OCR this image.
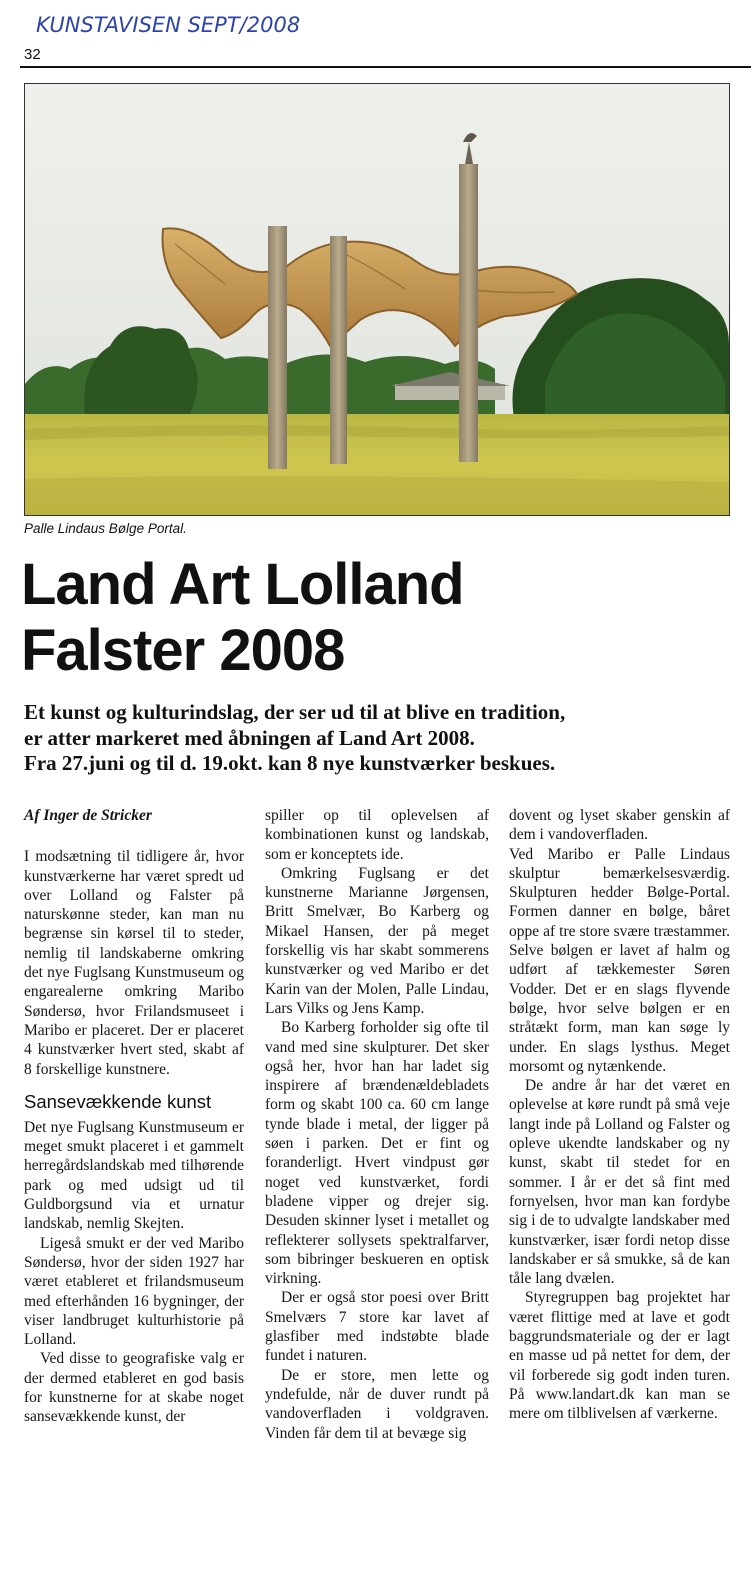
KUNSTAVISEN SEPT/2008
32
Palle Lindaus Bølge Portal.
Land Art Lolland
Falster 2008
Et kunst og kulturindslag, der ser ud til at blive en tradition,
er atter markeret med åbningen af Land Art 2008.
Fra 27.juni og til d. 19.okt. kan 8 nye kunstværker beskues.

Af Inger de Stricker

I modsætning til tidligere år, hvor kunstværkerne har været spredt ud over Lolland og Falster på naturskønne steder, kan man nu begrænse sin kørsel til to steder, nemlig til landskaberne omkring det nye Fuglsang Kunstmuseum og engarealerne omkring Maribo Søndersø, hvor Frilandsmuseet i Maribo er placeret. Der er placeret 4 kunstværker hvert sted, skabt af 8 forskellige kunstnere.

Sansevækkende kunst

Det nye Fuglsang Kunstmuseum er meget smukt placeret i et gammelt herregårdslandskab med tilhørende park og med udsigt ud til Guldborgsund via et urnatur landskab, nemlig Skejten.

Ligeså smukt er der ved Maribo Søndersø, hvor der siden 1927 har været etableret et frilandsmuseum med efterhånden 16 bygninger, der viser landbruget kulturhistorie på Lolland.

Ved disse to geografiske valg er der dermed etableret en god basis for kunstnerne for at skabe noget sansevækkende kunst, der

spiller op til oplevelsen af kombinationen kunst og landskab, som er konceptets ide.

Omkring Fuglsang er det kunstnerne Marianne Jørgensen, Britt Smelvær, Bo Karberg og Mikael Hansen, der på meget forskellig vis har skabt sommerens kunstværker og ved Maribo er det Karin van der Molen, Palle Lindau, Lars Vilks og Jens Kamp.

Bo Karberg forholder sig ofte til vand med sine skulpturer. Det sker også her, hvor han har ladet sig inspirere af brændenældebladets form og skabt 100 ca. 60 cm lange tynde blade i metal, der ligger på søen i parken. Det er fint og foranderligt. Hvert vindpust gør noget ved kunstværket, fordi bladene vipper og drejer sig. Desuden skinner lyset i metallet og reflekterer sollysets spektralfarver, som bibringer beskueren en optisk virkning.

Der er også stor poesi over Britt Smelværs 7 store kar lavet af glasfiber med indstøbte blade fundet i naturen.

De er store, men lette og yndefulde, når de duver rundt på vandoverfladen i voldgraven. Vinden får dem til at bevæge sig

dovent og lyset skaber genskin af dem i vandoverfladen.

Ved Maribo er Palle Lindaus skulptur bemærkelsesværdig. Skulpturen hedder Bølge-Portal. Formen danner en bølge, båret oppe af tre store svære træstammer. Selve bølgen er lavet af halm og udført af tækkemester Søren Vodder. Det er en slags flyvende bølge, hvor selve bølgen er en stråtækt form, man kan søge ly under. En slags lysthus. Meget morsomt og nytænkende.

De andre år har det været en oplevelse at køre rundt på små veje langt inde på Lolland og Falster og opleve ukendte landskaber og ny kunst, skabt til stedet for en sommer. I år er det så fint med fornyelsen, hvor man kan fordybe sig i de to udvalgte landskaber med kunstværker, især fordi netop disse landskaber er så smukke, så de kan tåle lang dvælen.

Styregruppen bag projektet har været flittige med at lave et godt baggrundsmateriale og der er lagt en masse ud på nettet for dem, der vil forberede sig godt inden turen. På www.landart.dk kan man se mere om tilblivelsen af værkerne.
